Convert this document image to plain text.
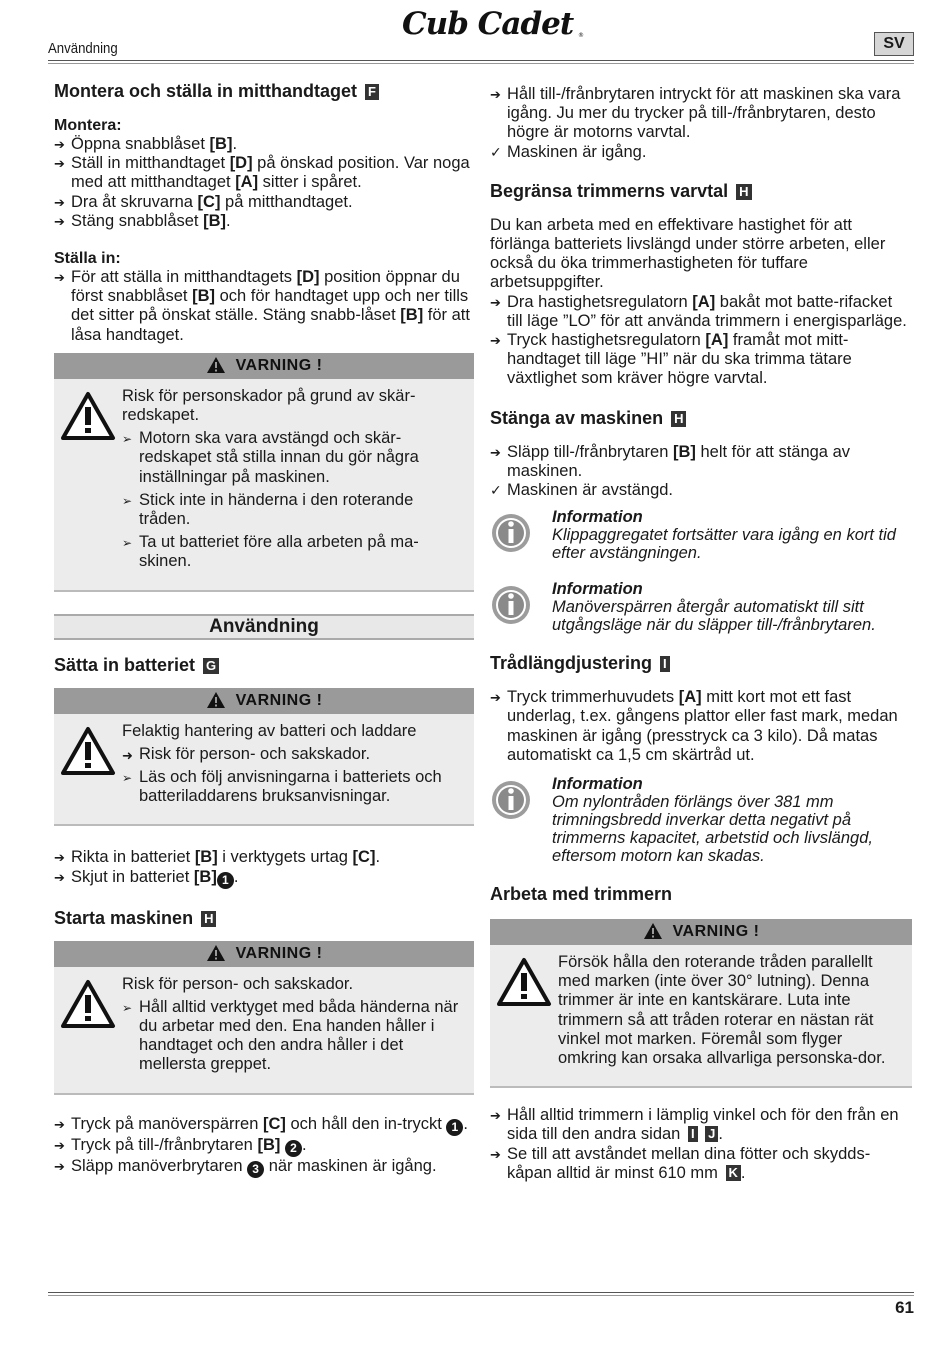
Cub Cadet ®
Användning	SV
Montera och ställa in mitthandtaget F
Montera:
➔ Öppna snabblåset [B].
➔ Ställ in mitthandtaget [D] på önskad position. Var noga med att mitthandtaget [A] sitter i spåret.
➔ Dra åt skruvarna [C] på mitthandtaget.
➔ Stäng snabblåset [B].
Ställa in:
➔ För att ställa in mitthandtagets [D] position öppnar du först snabblåset [B] och för handtaget upp och ner tills det sitter på önskat ställe. Stäng snabb-låset [B] för att låsa handtaget.
VARNING !

Risk för personskador på grund av skär-redskapet.

➢ Motorn ska vara avstängd och skär-redskapet stå stilla innan du gör några inställningar på maskinen.
➢ Stick inte in händerna i den roterande tråden.
➢ Ta ut batteriet före alla arbeten på ma-skinen.
Användning
Sätta in batteriet G
VARNING !

Felaktig hantering av batteri och laddare

➜ Risk för person- och sakskador.
➢ Läs och följ anvisningarna i batteriets och batteriladdarens bruksanvisningar.
➔ Rikta in batteriet [B] i verktygets urtag [C].
➔ Skjut in batteriet [B] 1 .
Starta maskinen H
VARNING !

Risk för person- och sakskador.

➢ Håll alltid verktyget med båda händerna när du arbetar med den. Ena handen håller i handtaget och den andra håller i det mellersta greppet.
➔ Tryck på manöverspärren [C] och håll den in-tryckt 1 .
➔ Tryck på till-/frånbrytaren [B] 2 .
➔ Släpp manöverbrytaren 3 när maskinen är igång.
➔ Håll till-/frånbrytaren intryckt för att maskinen ska vara igång. Ju mer du trycker på till-/frånbrytaren, desto högre är motorns varvtal.
✓ Maskinen är igång.
Begränsa trimmerns varvtal H

Du kan arbeta med en effektivare hastighet för att förlänga batteriets livslängd under större arbeten, eller också du öka trimmerhastigheten för tuffare arbetsuppgifter.

➔ Dra hastighetsregulatorn [A] bakåt mot batte-rifacket till läge ”LO” för att använda trimmern i energisparläge.
➔ Tryck hastighetsregulatorn [A] framåt mot mitt-handtaget till läge ”HI” när du ska trimma tätare växtlighet som kräver högre varvtal.
Stänga av maskinen H
➔ Släpp till-/frånbrytaren [B] helt för att stänga av maskinen.
✓ Maskinen är avstängd.
Information
Klippaggregatet fortsätter vara igång en kort tid efter avstängningen.
Information
Manöverspärren återgår automatiskt till sitt utgångsläge när du släpper till-/frånbrytaren.
Trådlängdjustering I
➔ Tryck trimmerhuvudets [A] mitt kort mot ett fast underlag, t.ex. gångens plattor eller fast mark, medan maskinen är igång (presstryck ca 3 kilo). Då matas automatiskt ca 1,5 cm skärtråd ut.
Information
Om nylontråden förlängs över 381 mm trimningsbredd inverkar detta negativt på trimmerns kapacitet, arbetstid och livslängd, eftersom motorn kan skadas.
Arbeta med trimmern
VARNING !

Försök hålla den roterande tråden parallellt med marken (inte över 30° lutning). Denna trimmer är inte en kantskärare. Luta inte trimmern så att tråden roterar en nästan rät vinkel mot marken. Föremål som flyger omkring kan orsaka allvarliga personska-dor.

➔ Håll alltid trimmern i lämplig vinkel och för den från en sida till den andra sidan I J .
➔ Se till att avståndet mellan dina fötter och skydds-kåpan alltid är minst 610 mm K .
61
